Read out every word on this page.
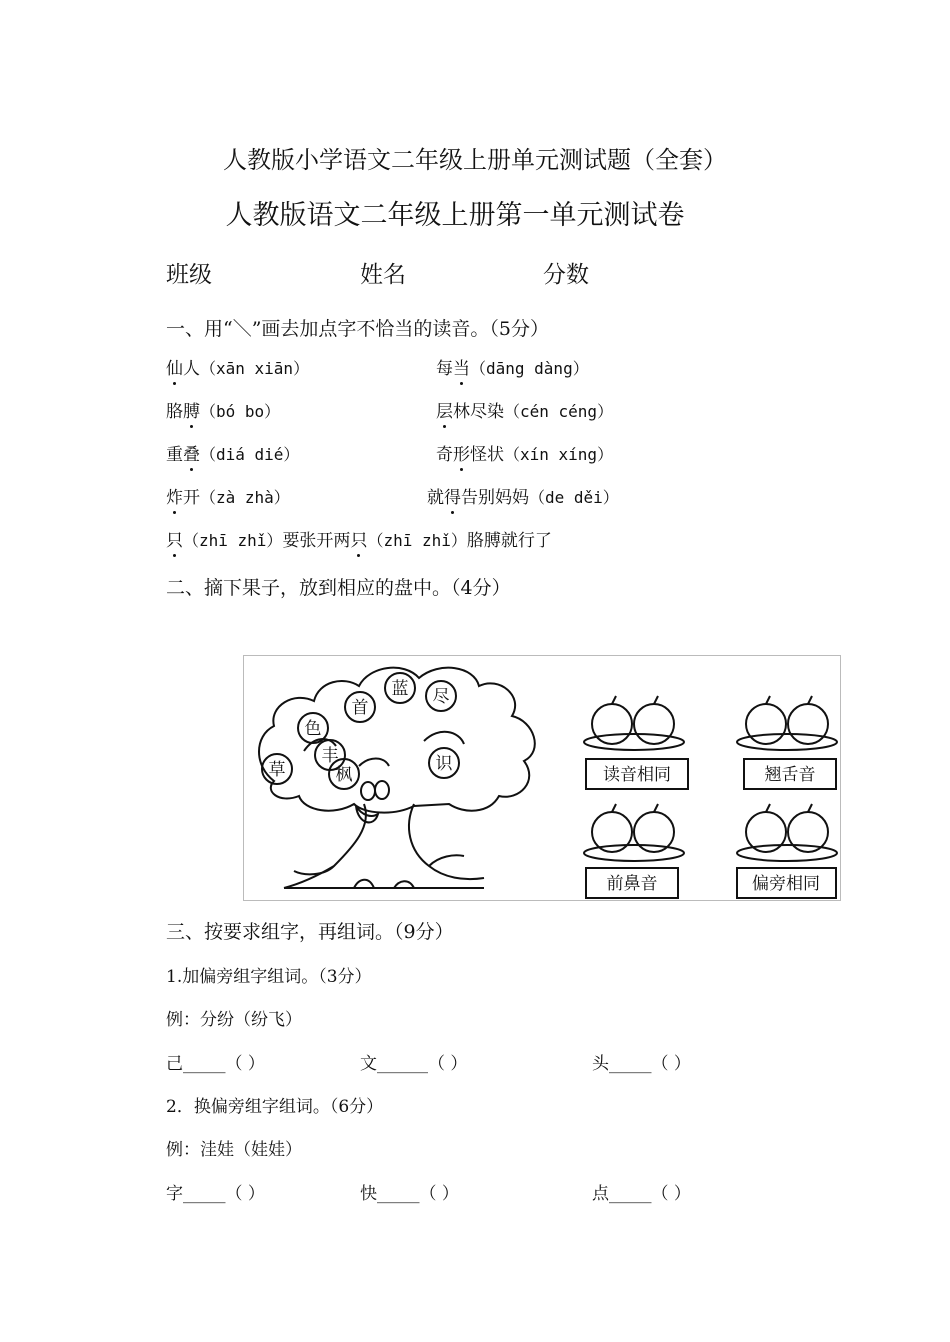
人教版小学语文二年级上册单元测试题（全套）
人教版语文二年级上册第一单元测试卷
班级	姓名	分数
一、用“＼”画去加点字不恰当的读音。（5分）
仙人（xān xiān）	每当（dāng dàng）
胳膊（bó bo）	层林尽染（cén céng）
重叠（diá dié）	奇形怪状（xín xíng）
炸开（zà zhà）	就得告别妈妈（de děi）
只（zhī zhǐ）要张开两只（zhī zhǐ）胳膊就行了
二、摘下果子，放到相应的盘中。（4分）
蓝 尽
首
色
丰	识
枫
草	读音相同	翘舌音
前鼻音	偏旁相同
三、按要求组字，再组词。（9分）
1.加偏旁组字组词。（3分）
例：分纷（纷飞）
己_____（ ）	文______（ ）	头_____（ ）
2．换偏旁组字组词。（6分）
例：洼娃（娃娃）
字_____（ ）	快_____（ ）	点_____（ ）
